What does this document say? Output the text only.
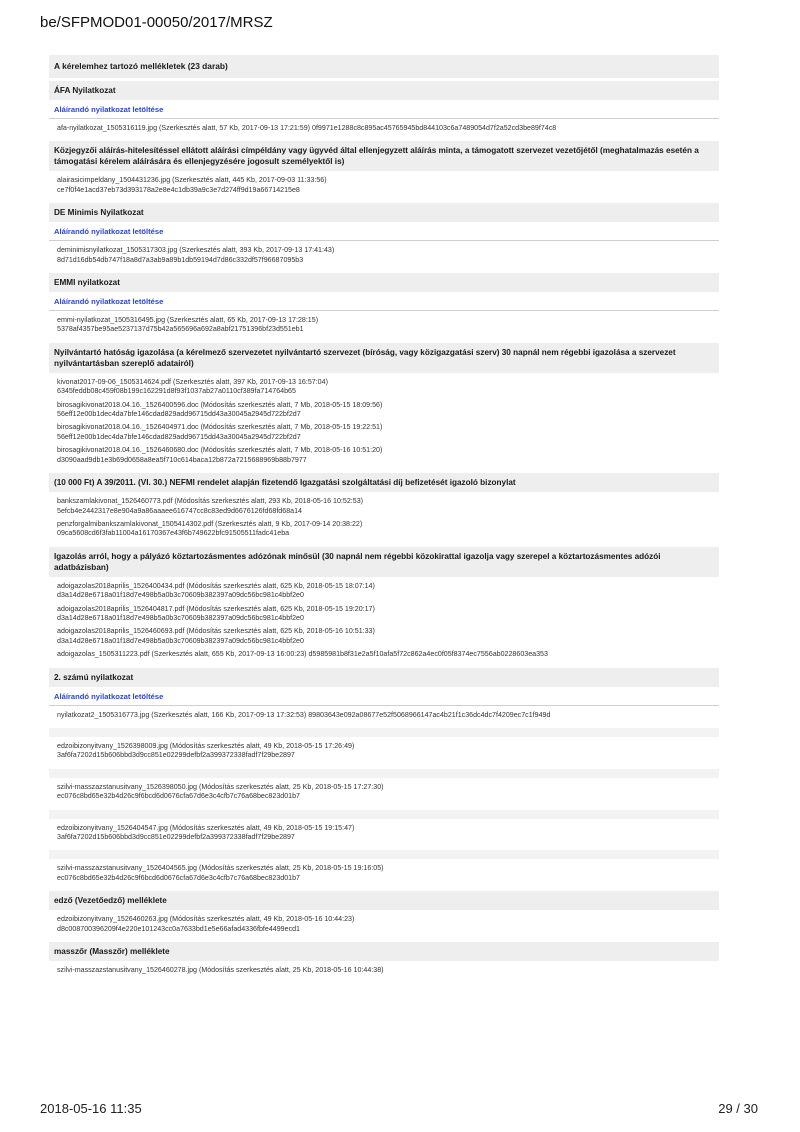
be/SFPMOD01-00050/2017/MRSZ
A kérelemhez tartozó mellékletek (23 darab)
ÁFA Nyilatkozat
Aláírandó nyilatkozat letöltése
afa-nyilatkozat_1505316119.jpg (Szerkesztés alatt, 57 Kb, 2017-09-13 17:21:59) 0f9971e1288c8c895ac45765945bd844103c6a7489054d7f2a52cd3be89f74c8
Közjegyzői aláírás-hitelesítéssel ellátott aláírási címpéldány vagy ügyvéd által ellenjegyzett aláírás minta, a támogatott szervezet vezetőjétől (meghatalmazás esetén a támogatási kérelem aláírására és ellenjegyzésére jogosult személyektől is)
alairasicimpeldany_1504431236.jpg (Szerkesztés alatt, 445 Kb, 2017-09-03 11:33:56)
ce7f0f4e1acd37eb73d393178a2e8e4c1db39a9c3e7d274ff9d19a66714215e8
DE Minimis Nyilatkozat
Aláírandó nyilatkozat letöltése
deminimisnyilatkozat_1505317303.jpg (Szerkesztés alatt, 393 Kb, 2017-09-13 17:41:43)
8d71d16db54db747f18a8d7a3ab9a89b1db59194d7d86c332df57f96687095b3
EMMI nyilatkozat
Aláírandó nyilatkozat letöltése
emmi-nyilatkozat_1505316495.jpg (Szerkesztés alatt, 65 Kb, 2017-09-13 17:28:15)
5378af4357be95ae5237137d75b42a565696a692a8abf21751396bf23d551eb1
Nyilvántartó hatóság igazolása (a kérelmező szervezetet nyilvántartó szervezet (bíróság, vagy közigazgatási szerv) 30 napnál nem régebbi igazolása a szervezet nyilvántartásban szereplő adatairól)
kivonat2017-09-06_1505314624.pdf (Szerkesztés alatt, 397 Kb, 2017-09-13 16:57:04)
6345feddb08c459f08b199c162291d8f93f1037ab27a0110cf389fa714764b65
birosagikivonat2018.04.16._1526400596.doc (Módosítás szerkesztés alatt, 7 Mb, 2018-05-15 18:09:56)
56eff12e00b1dec4da7bfe146cdad829add96715dd43a30045a2945d722bf2d7
birosagikivonat2018.04.16._1526404971.doc (Módosítás szerkesztés alatt, 7 Mb, 2018-05-15 19:22:51)
56eff12e00b1dec4da7bfe146cdad829add96715dd43a30045a2945d722bf2d7
birosagikivonat2018.04.16._1526460680.doc (Módosítás szerkesztés alatt, 7 Mb, 2018-05-16 10:51:20)
d3090aad9db1e3b69d0658a8ea5f710c614baca12b872a7215688969b88b7977
(10 000 Ft) A 39/2011. (VI. 30.) NEFMI rendelet alapján fizetendő Igazgatási szolgáltatási díj befizetését igazoló bizonylat
bankszamlakivonat_1526460773.pdf (Módosítás szerkesztés alatt, 293 Kb, 2018-05-16 10:52:53)
5efcb4e2442317e8e904a9a86aaaee616747cc8c83ed9d6676126fd68fd68a14
penzforgalmibankszamlakivonat_1505414302.pdf (Szerkesztés alatt, 9 Kb, 2017-09-14 20:38:22)
09ca5608cd6f3fab11004a16170367e43f6b749622bfc91505511fadc41eba
Igazolás arról, hogy a pályázó köztartozásmentes adózónak minősül (30 napnál nem régebbi közokirattal igazolja vagy szerepel a köztartozásmentes adózói adatbázisban)
adoigazolas2018aprilis_1526400434.pdf (Módosítás szerkesztés alatt, 625 Kb, 2018-05-15 18:07:14)
d3a14d28e6718a01f18d7e498b5a0b3c70609b382397a09dc56bc981c4bbf2e0
adoigazolas2018aprilis_1526404817.pdf (Módosítás szerkesztés alatt, 625 Kb, 2018-05-15 19:20:17)
d3a14d28e6718a01f18d7e498b5a0b3c70609b382397a09dc56bc981c4bbf2e0
adoigazolas2018aprilis_1526460693.pdf (Módosítás szerkesztés alatt, 625 Kb, 2018-05-16 10:51:33)
d3a14d28e6718a01f18d7e498b5a0b3c70609b382397a09dc56bc981c4bbf2e0
adoigazolas_1505311223.pdf (Szerkesztés alatt, 655 Kb, 2017-09-13 16:00:23) d5985981b8f31e2a5f10afa5f72c862a4ec0f05f8374ec7556ab0228603ea353
2. számú nyilatkozat
Aláírandó nyilatkozat letöltése
nyilatkozat2_1505316773.jpg (Szerkesztés alatt, 166 Kb, 2017-09-13 17:32:53) 89803643e092a08677e52f5068966147ac4b21f1c36dc4dc7f4209ec7c1f949d
edzoibizonyitvany_1526398009.jpg (Módosítás szerkesztés alatt, 49 Kb, 2018-05-15 17:26:49)
3af6fa7202d15b606bbd3d9cc851e02299defbf2a399372338fadf7f29be2897
szilvi-masszazstanusitvany_1526398050.jpg (Módosítás szerkesztés alatt, 25 Kb, 2018-05-15 17:27:30)
ec076c8bd65e32b4d26c9f6bcd6d0676cfa67d6e3c4cfb7c76a68bec823d01b7
edzoibizonyitvany_1526404547.jpg (Módosítás szerkesztés alatt, 49 Kb, 2018-05-15 19:15:47)
3af6fa7202d15b606bbd3d9cc851e02299defbf2a399372338fadf7f29be2897
szilvi-masszazstanusitvany_1526404565.jpg (Módosítás szerkesztés alatt, 25 Kb, 2018-05-15 19:16:05)
ec076c8bd65e32b4d26c9f6bcd6d0676cfa67d6e3c4cfb7c76a68bec823d01b7
edző (Vezetőedző) melléklete
edzoibizonyitvany_1526460263.jpg (Módosítás szerkesztés alatt, 49 Kb, 2018-05-16 10:44:23)
d8c008700396209f4e220e101243cc0a7633bd1e5e66afad4336fbfe4499ecd1
masszőr (Masszőr) melléklete
szilvi-masszazstanusitvany_1526460278.jpg (Módosítás szerkesztés alatt, 25 Kb, 2018-05-16 10:44:38)
2018-05-16 11:35	29 / 30
